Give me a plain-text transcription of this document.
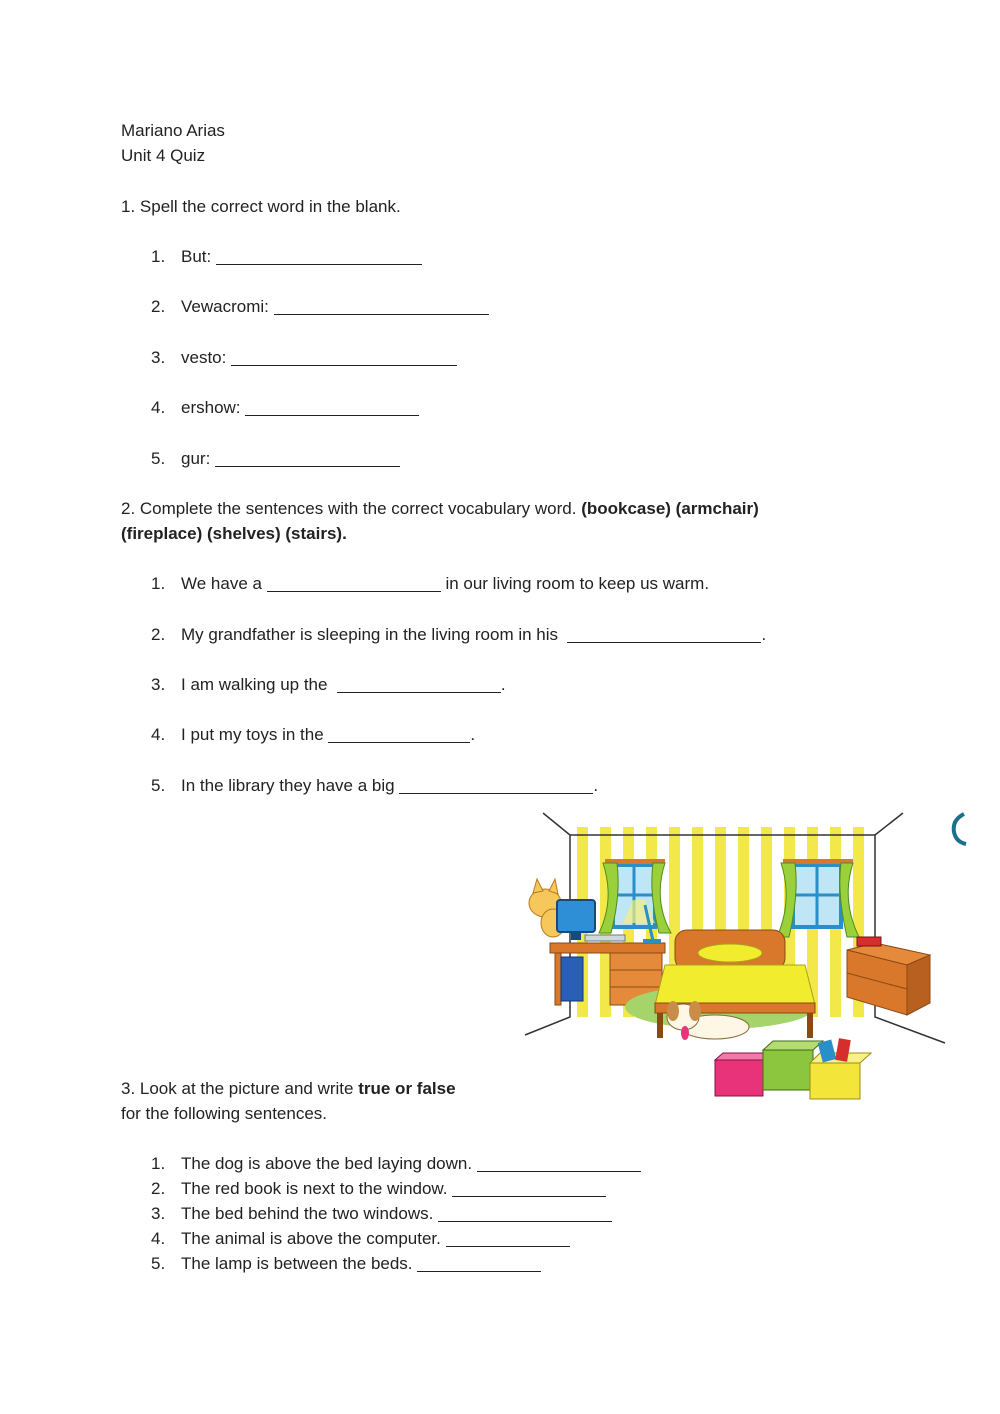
Mariano Arias
Unit 4 Quiz
1. Spell the correct word in the blank.
1. But:
2. Vewacromi:
3. vesto:
4. ershow:
5. gur:
2. Complete the sentences with the correct vocabulary word. (bookcase) (armchair)
(fireplace) (shelves) (stairs).
1. We have a	in our living room to keep us warm.
2. My grandfather is sleeping in the living room in his	.
3. I am walking up the	.
4. I put my toys in the	.
5. In the library they have a big	.
3. Look at the picture and write true or false
for the following sentences.
1. The dog is above the bed laying down.
2. The red book is next to the window.
3. The bed behind the two windows.
4. The animal is above the computer.
5. The lamp is between the beds.
